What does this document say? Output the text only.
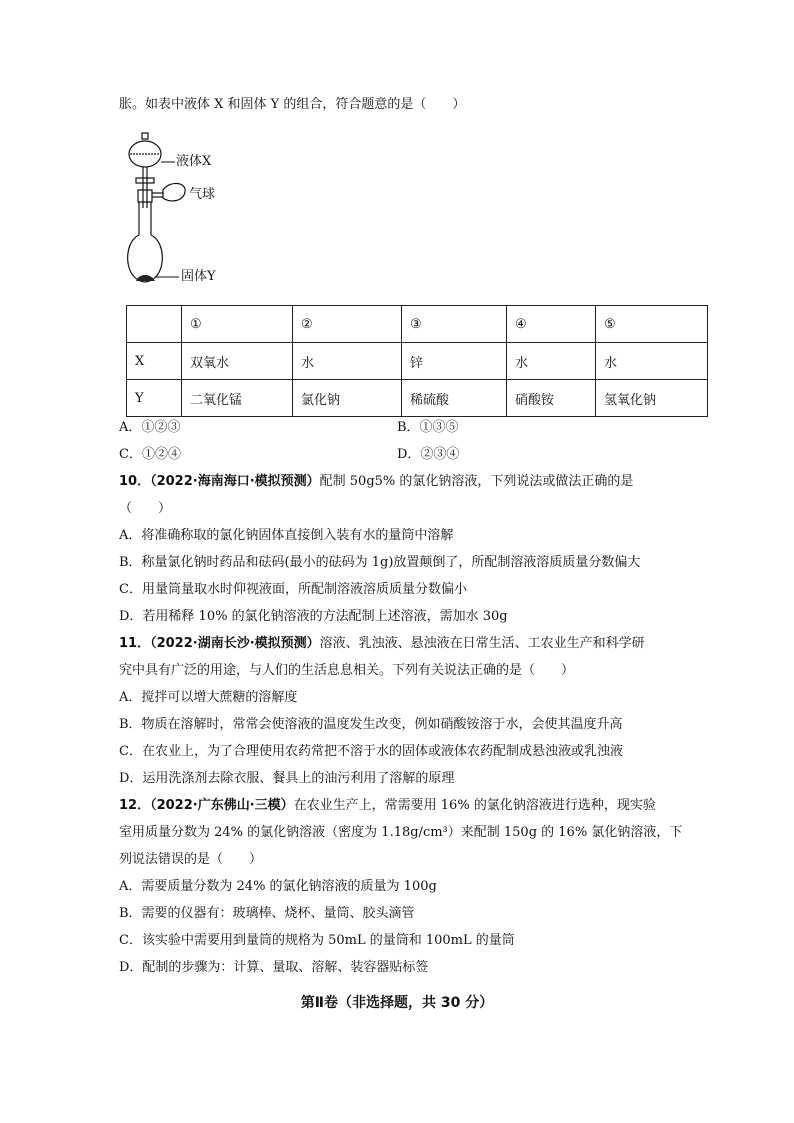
胀。如表中液体 X 和固体 Y 的组合，符合题意的是（　　）
液体X
气球
固体Y
	①	②	③	④	⑤
X	双氧水	水	锌	水	水
Y	二氧化锰	氯化钠	稀硫酸	硝酸铵	氢氧化钠
A．①②③	B．①③⑤
C．①②④	D．②③④
10．（2022·海南海口·模拟预测）配制 50g5% 的氯化钠溶液，下列说法或做法正确的是
（　　）
A．将准确称取的氯化钠固体直接倒入装有水的量筒中溶解
B．称量氯化钠时药品和砝码(最小的砝码为 1g)放置颠倒了，所配制溶液溶质质量分数偏大
C．用量筒量取水时仰视液面，所配制溶液溶质质量分数偏小
D．若用稀释 10% 的氯化钠溶液的方法配制上述溶液，需加水 30g
11．（2022·湖南长沙·模拟预测）溶液、乳浊液、悬浊液在日常生活、工农业生产和科学研
究中具有广泛的用途，与人们的生活息息相关。下列有关说法正确的是（　　）
A．搅拌可以增大蔗糖的溶解度
B．物质在溶解时，常常会使溶液的温度发生改变，例如硝酸铵溶于水，会使其温度升高
C．在农业上，为了合理使用农药常把不溶于水的固体或液体农药配制成悬浊液或乳浊液
D．运用洗涤剂去除衣服、餐具上的油污利用了溶解的原理
12．（2022·广东佛山·三模）在农业生产上，常需要用 16% 的氯化钠溶液进行选种，现实验
室用质量分数为 24% 的氯化钠溶液（密度为 1.18g/cm³）来配制 150g 的 16% 氯化钠溶液，下
列说法错误的是（　　）
A．需要质量分数为 24% 的氯化钠溶液的质量为 100g
B．需要的仪器有：玻璃棒、烧杯、量筒、胶头滴管
C．该实验中需要用到量筒的规格为 50mL 的量筒和 100mL 的量筒
D．配制的步骤为：计算、量取、溶解、装容器贴标签
第Ⅱ卷（非选择题，共 30 分）
